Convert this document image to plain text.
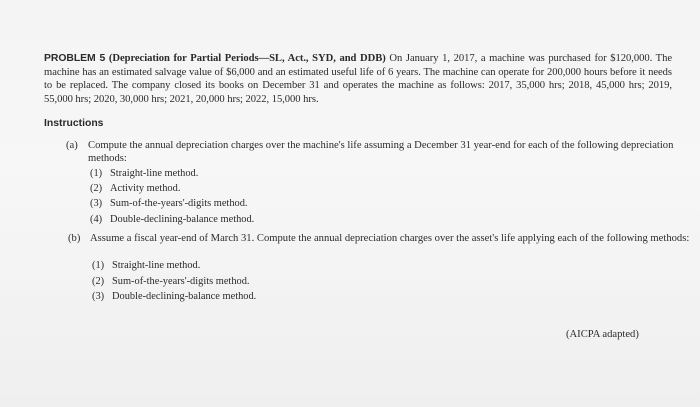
PROBLEM 5 (Depreciation for Partial Periods—SL, Act., SYD, and DDB) On January 1, 2017, a machine was purchased for $120,000. The machine has an estimated salvage value of $6,000 and an estimated useful life of 6 years. The machine can operate for 200,000 hours before it needs to be replaced. The company closed its books on December 31 and operates the machine as follows: 2017, 35,000 hrs; 2018, 45,000 hrs; 2019, 55,000 hrs; 2020, 30,000 hrs; 2021, 20,000 hrs; 2022, 15,000 hrs.
Instructions
(a) Compute the annual depreciation charges over the machine's life assuming a December 31 year-end for each of the following depreciation methods:
(1) Straight-line method.
(2) Activity method.
(3) Sum-of-the-years'-digits method.
(4) Double-declining-balance method.
(b) Assume a fiscal year-end of March 31. Compute the annual depreciation charges over the asset's life applying each of the following methods:
(1) Straight-line method.
(2) Sum-of-the-years'-digits method.
(3) Double-declining-balance method.
(AICPA adapted)
